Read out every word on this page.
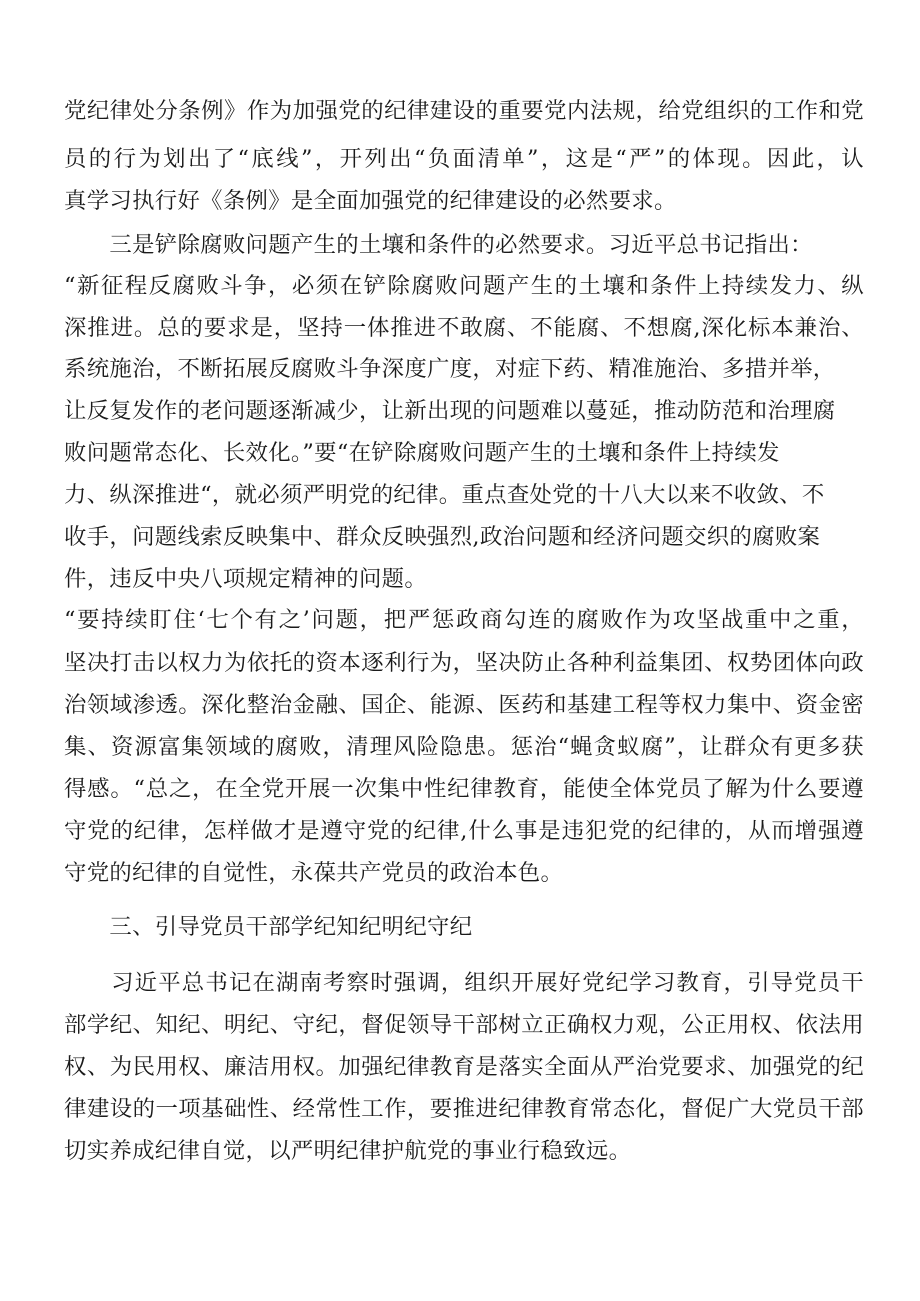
党纪律处分条例》作为加强党的纪律建设的重要党内法规，给党组织的工作和党
员的行为划出了“底线”，开列出“负面清单”，这是“严”的体现。因此，认
真学习执行好《条例》是全面加强党的纪律建设的必然要求。
　　三是铲除腐败问题产生的土壤和条件的必然要求。习近平总书记指出：
“新征程反腐败斗争，必须在铲除腐败问题产生的土壤和条件上持续发力、纵
深推进。总的要求是，坚持一体推进不敢腐、不能腐、不想腐,深化标本兼治、
系统施治，不断拓展反腐败斗争深度广度，对症下药、精准施治、多措并举，
让反复发作的老问题逐渐减少，让新出现的问题难以蔓延，推动防范和治理腐
败问题常态化、长效化。”要“在铲除腐败问题产生的土壤和条件上持续发
力、纵深推进“，就必须严明党的纪律。重点查处党的十八大以来不收敛、不
收手，问题线索反映集中、群众反映强烈,政治问题和经济问题交织的腐败案
件，违反中央八项规定精神的问题。
“要持续盯住‘七个有之’问题，把严惩政商勾连的腐败作为攻坚战重中之重，
坚决打击以权力为依托的资本逐利行为，坚决防止各种利益集团、权势团体向政
治领域渗透。深化整治金融、国企、能源、医药和基建工程等权力集中、资金密
集、资源富集领域的腐败，清理风险隐患。惩治“蝇贪蚁腐”，让群众有更多获
得感。“总之，在全党开展一次集中性纪律教育，能使全体党员了解为什么要遵
守党的纪律，怎样做才是遵守党的纪律,什么事是违犯党的纪律的，从而增强遵
守党的纪律的自觉性，永葆共产党员的政治本色。
　　三、引导党员干部学纪知纪明纪守纪
　　习近平总书记在湖南考察时强调，组织开展好党纪学习教育，引导党员干
部学纪、知纪、明纪、守纪，督促领导干部树立正确权力观，公正用权、依法用
权、为民用权、廉洁用权。加强纪律教育是落实全面从严治党要求、加强党的纪
律建设的一项基础性、经常性工作，要推进纪律教育常态化，督促广大党员干部
切实养成纪律自觉，以严明纪律护航党的事业行稳致远。
